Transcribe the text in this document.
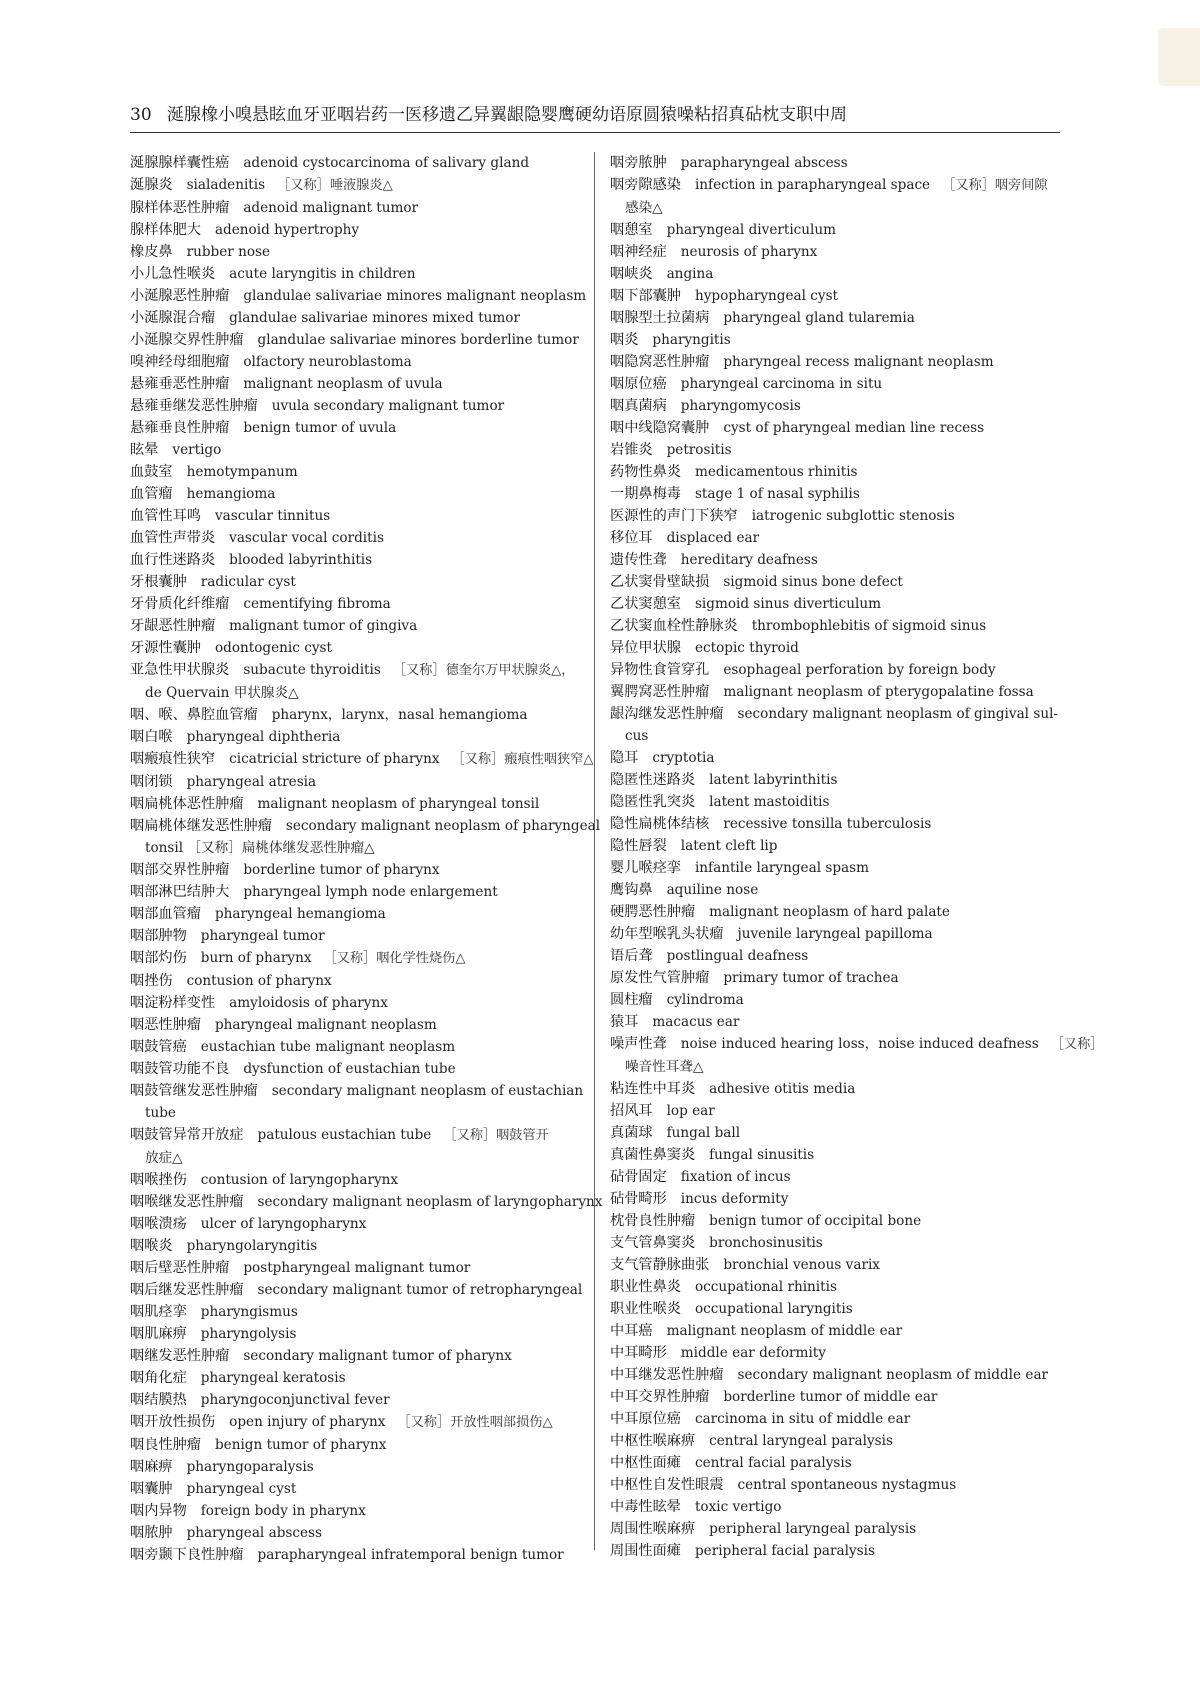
30 涎腺橡小嗅悬眩血牙亚咽岩药一医移遗乙异翼龈隐婴鹰硬幼语原圆猿噪粘招真砧枕支职中周
涎腺腺样囊性癌 adenoid cystocarcinoma of salivary gland
涎腺炎 sialadenitis ［又称］唾液腺炎△
腺样体恶性肿瘤 adenoid malignant tumor
腺样体肥大 adenoid hypertrophy
橡皮鼻 rubber nose
小儿急性喉炎 acute laryngitis in children
小涎腺恶性肿瘤 glandulae salivariae minores malignant neoplasm
小涎腺混合瘤 glandulae salivariae minores mixed tumor
小涎腺交界性肿瘤 glandulae salivariae minores borderline tumor
嗅神经母细胞瘤 olfactory neuroblastoma
悬雍垂恶性肿瘤 malignant neoplasm of uvula
悬雍垂继发恶性肿瘤 uvula secondary malignant tumor
悬雍垂良性肿瘤 benign tumor of uvula
眩晕 vertigo
血鼓室 hemotympanum
血管瘤 hemangioma
血管性耳鸣 vascular tinnitus
血管性声带炎 vascular vocal corditis
血行性迷路炎 blooded labyrinthitis
牙根囊肿 radicular cyst
牙骨质化纤维瘤 cementifying fibroma
牙龈恶性肿瘤 malignant tumor of gingiva
牙源性囊肿 odontogenic cyst
亚急性甲状腺炎 subacute thyroiditis ［又称］德奎尔万甲状腺炎△，
de Quervain 甲状腺炎△
咽、喉、鼻腔血管瘤 pharynx，larynx，nasal hemangioma
咽白喉 pharyngeal diphtheria
咽瘢痕性狭窄 cicatricial stricture of pharynx ［又称］瘢痕性咽狭窄△
咽闭锁 pharyngeal atresia
咽扁桃体恶性肿瘤 malignant neoplasm of pharyngeal tonsil
咽扁桃体继发恶性肿瘤 secondary malignant neoplasm of pharyngeal
tonsil ［又称］扁桃体继发恶性肿瘤△
咽部交界性肿瘤 borderline tumor of pharynx
咽部淋巴结肿大 pharyngeal lymph node enlargement
咽部血管瘤 pharyngeal hemangioma
咽部肿物 pharyngeal tumor
咽部灼伤 burn of pharynx ［又称］咽化学性烧伤△
咽挫伤 contusion of pharynx
咽淀粉样变性 amyloidosis of pharynx
咽恶性肿瘤 pharyngeal malignant neoplasm
咽鼓管癌 eustachian tube malignant neoplasm
咽鼓管功能不良 dysfunction of eustachian tube
咽鼓管继发恶性肿瘤 secondary malignant neoplasm of eustachian
tube
咽鼓管异常开放症 patulous eustachian tube ［又称］咽鼓管开
放症△
咽喉挫伤 contusion of laryngopharynx
咽喉继发恶性肿瘤 secondary malignant neoplasm of laryngopharynx
咽喉溃疡 ulcer of laryngopharynx
咽喉炎 pharyngolaryngitis
咽后壁恶性肿瘤 postpharyngeal malignant tumor
咽后继发恶性肿瘤 secondary malignant tumor of retropharyngeal
咽肌痉挛 pharyngismus
咽肌麻痹 pharyngolysis
咽继发恶性肿瘤 secondary malignant tumor of pharynx
咽角化症 pharyngeal keratosis
咽结膜热 pharyngoconjunctival fever
咽开放性损伤 open injury of pharynx ［又称］开放性咽部损伤△
咽良性肿瘤 benign tumor of pharynx
咽麻痹 pharyngoparalysis
咽囊肿 pharyngeal cyst
咽内异物 foreign body in pharynx
咽脓肿 pharyngeal abscess
咽旁颞下良性肿瘤 parapharyngeal infratemporal benign tumor
咽旁脓肿 parapharyngeal abscess
咽旁隙感染 infection in parapharyngeal space ［又称］咽旁间隙
感染△
咽憩室 pharyngeal diverticulum
咽神经症 neurosis of pharynx
咽峡炎 angina
咽下部囊肿 hypopharyngeal cyst
咽腺型土拉菌病 pharyngeal gland tularemia
咽炎 pharyngitis
咽隐窝恶性肿瘤 pharyngeal recess malignant neoplasm
咽原位癌 pharyngeal carcinoma in situ
咽真菌病 pharyngomycosis
咽中线隐窝囊肿 cyst of pharyngeal median line recess
岩锥炎 petrositis
药物性鼻炎 medicamentous rhinitis
一期鼻梅毒 stage 1 of nasal syphilis
医源性的声门下狭窄 iatrogenic subglottic stenosis
移位耳 displaced ear
遗传性聋 hereditary deafness
乙状窦骨壁缺损 sigmoid sinus bone defect
乙状窦憩室 sigmoid sinus diverticulum
乙状窦血栓性静脉炎 thrombophlebitis of sigmoid sinus
异位甲状腺 ectopic thyroid
异物性食管穿孔 esophageal perforation by foreign body
翼腭窝恶性肿瘤 malignant neoplasm of pterygopalatine fossa
龈沟继发恶性肿瘤 secondary malignant neoplasm of gingival sul-
cus
隐耳 cryptotia
隐匿性迷路炎 latent labyrinthitis
隐匿性乳突炎 latent mastoiditis
隐性扁桃体结核 recessive tonsilla tuberculosis
隐性唇裂 latent cleft lip
婴儿喉痉挛 infantile laryngeal spasm
鹰钩鼻 aquiline nose
硬腭恶性肿瘤 malignant neoplasm of hard palate
幼年型喉乳头状瘤 juvenile laryngeal papilloma
语后聋 postlingual deafness
原发性气管肿瘤 primary tumor of trachea
圆柱瘤 cylindroma
猿耳 macacus ear
噪声性聋 noise induced hearing loss，noise induced deafness ［又称］
噪音性耳聋△
粘连性中耳炎 adhesive otitis media
招风耳 lop ear
真菌球 fungal ball
真菌性鼻窦炎 fungal sinusitis
砧骨固定 fixation of incus
砧骨畸形 incus deformity
枕骨良性肿瘤 benign tumor of occipital bone
支气管鼻窦炎 bronchosinusitis
支气管静脉曲张 bronchial venous varix
职业性鼻炎 occupational rhinitis
职业性喉炎 occupational laryngitis
中耳癌 malignant neoplasm of middle ear
中耳畸形 middle ear deformity
中耳继发恶性肿瘤 secondary malignant neoplasm of middle ear
中耳交界性肿瘤 borderline tumor of middle ear
中耳原位癌 carcinoma in situ of middle ear
中枢性喉麻痹 central laryngeal paralysis
中枢性面瘫 central facial paralysis
中枢性自发性眼震 central spontaneous nystagmus
中毒性眩晕 toxic vertigo
周围性喉麻痹 peripheral laryngeal paralysis
周围性面瘫 peripheral facial paralysis
